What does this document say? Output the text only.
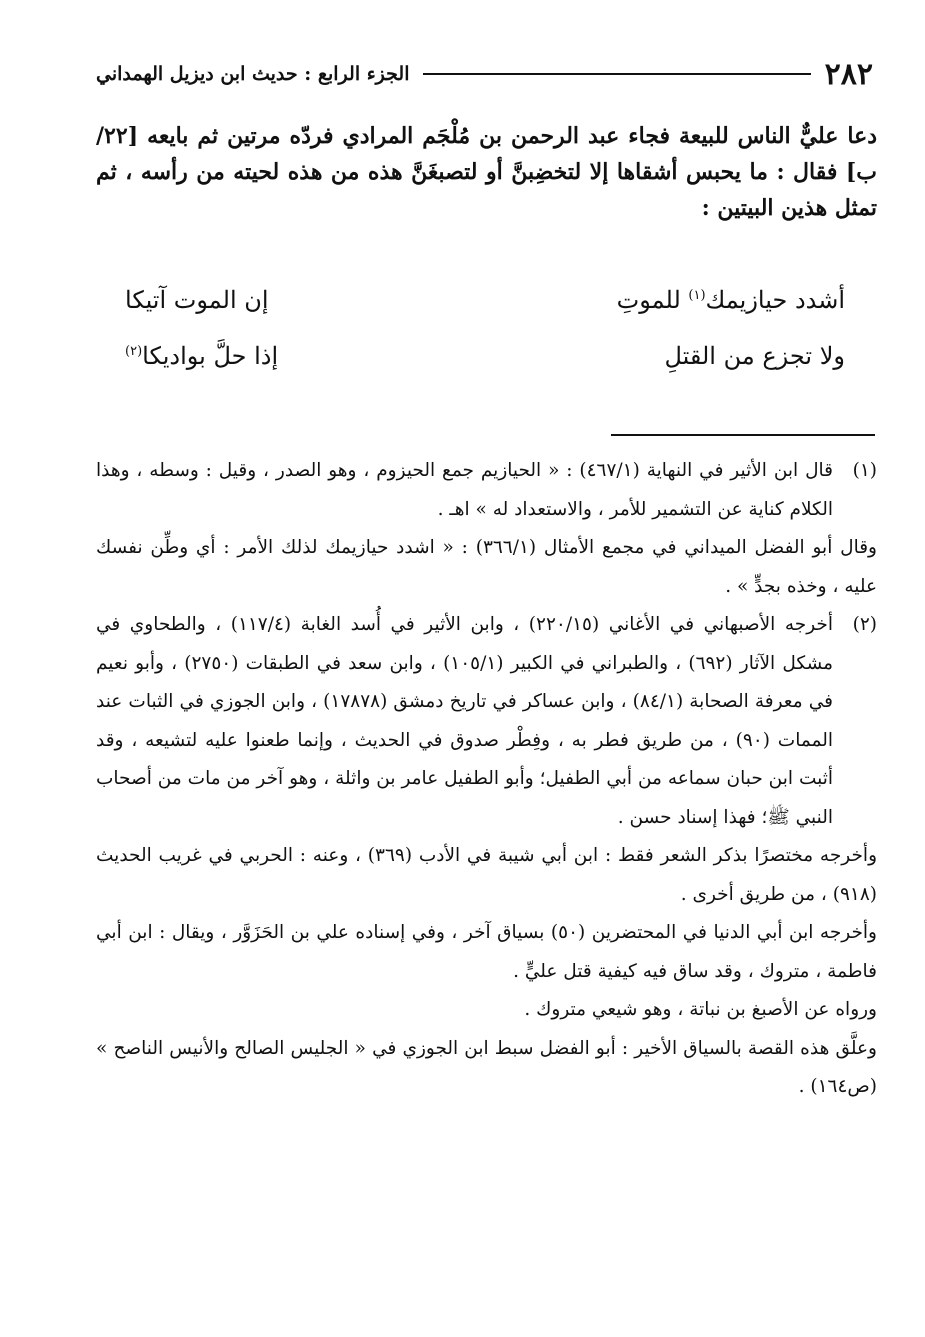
٢٨٢
الجزء الرابع : حديث ابن ديزيل الهمداني

دعا عليٌّ الناس للبيعة فجاء عبد الرحمن بن مُلْجَم المرادي فردّه مرتين ثم بايعه [٢٢/ب] فقال : ما يحبس أشقاها إلا لتخضِبنَّ أو لتصبغَنَّ هذه من هذه لحيته من رأسه ، ثم تمثل هذين البيتين :

أشدد حيازيمك$^{(١)}$ للموتِ
إن الموت آتيكا
ولا تجزع من القتلِ
إذا حلَّ بواديكا$^{(٢)}$
(١)

قال ابن الأثير في النهاية (٤٦٧/١) : « الحيازيم جمع الحيزوم ، وهو الصدر ، وقيل : وسطه ، وهذا الكلام كناية عن التشمير للأمر ، والاستعداد له » اهـ .

وقال أبو الفضل الميداني في مجمع الأمثال (٣٦٦/١) : « اشدد حيازيمك لذلك الأمر : أي وطِّن نفسك عليه ، وخذه بجدٍّ » .

(٢)

أخرجه الأصبهاني في الأغاني (٢٢٠/١٥) ، وابن الأثير في أُسد الغابة (١١٧/٤) ، والطحاوي في مشكل الآثار (٦٩٢) ، والطبراني في الكبير (١٠٥/١) ، وابن سعد في الطبقات (٢٧٥٠) ، وأبو نعيم في معرفة الصحابة (٨٤/١) ، وابن عساكر في تاريخ دمشق (١٧٨٧٨) ، وابن الجوزي في الثبات عند الممات (٩٠) ، من طريق فطر به ، وفِطْر صدوق في الحديث ، وإنما طعنوا عليه لتشيعه ، وقد أثبت ابن حبان سماعه من أبي الطفيل؛ وأبو الطفيل عامر بن واثلة ، وهو آخر من مات من أصحاب النبي ﷺ؛ فهذا إسناد حسن .

وأخرجه مختصرًا بذكر الشعر فقط : ابن أبي شيبة في الأدب (٣٦٩) ، وعنه : الحربي في غريب الحديث (٩١٨) ، من طريق أخرى .

وأخرجه ابن أبي الدنيا في المحتضرين (٥٠) بسياق آخر ، وفي إسناده علي بن الحَزَوَّر ، ويقال : ابن أبي فاطمة ، متروك ، وقد ساق فيه كيفية قتل عليٍّ .

ورواه عن الأصبغ بن نباتة ، وهو شيعي متروك .

وعلَّق هذه القصة بالسياق الأخير : أبو الفضل سبط ابن الجوزي في « الجليس الصالح والأنيس الناصح » (ص١٦٤) .
